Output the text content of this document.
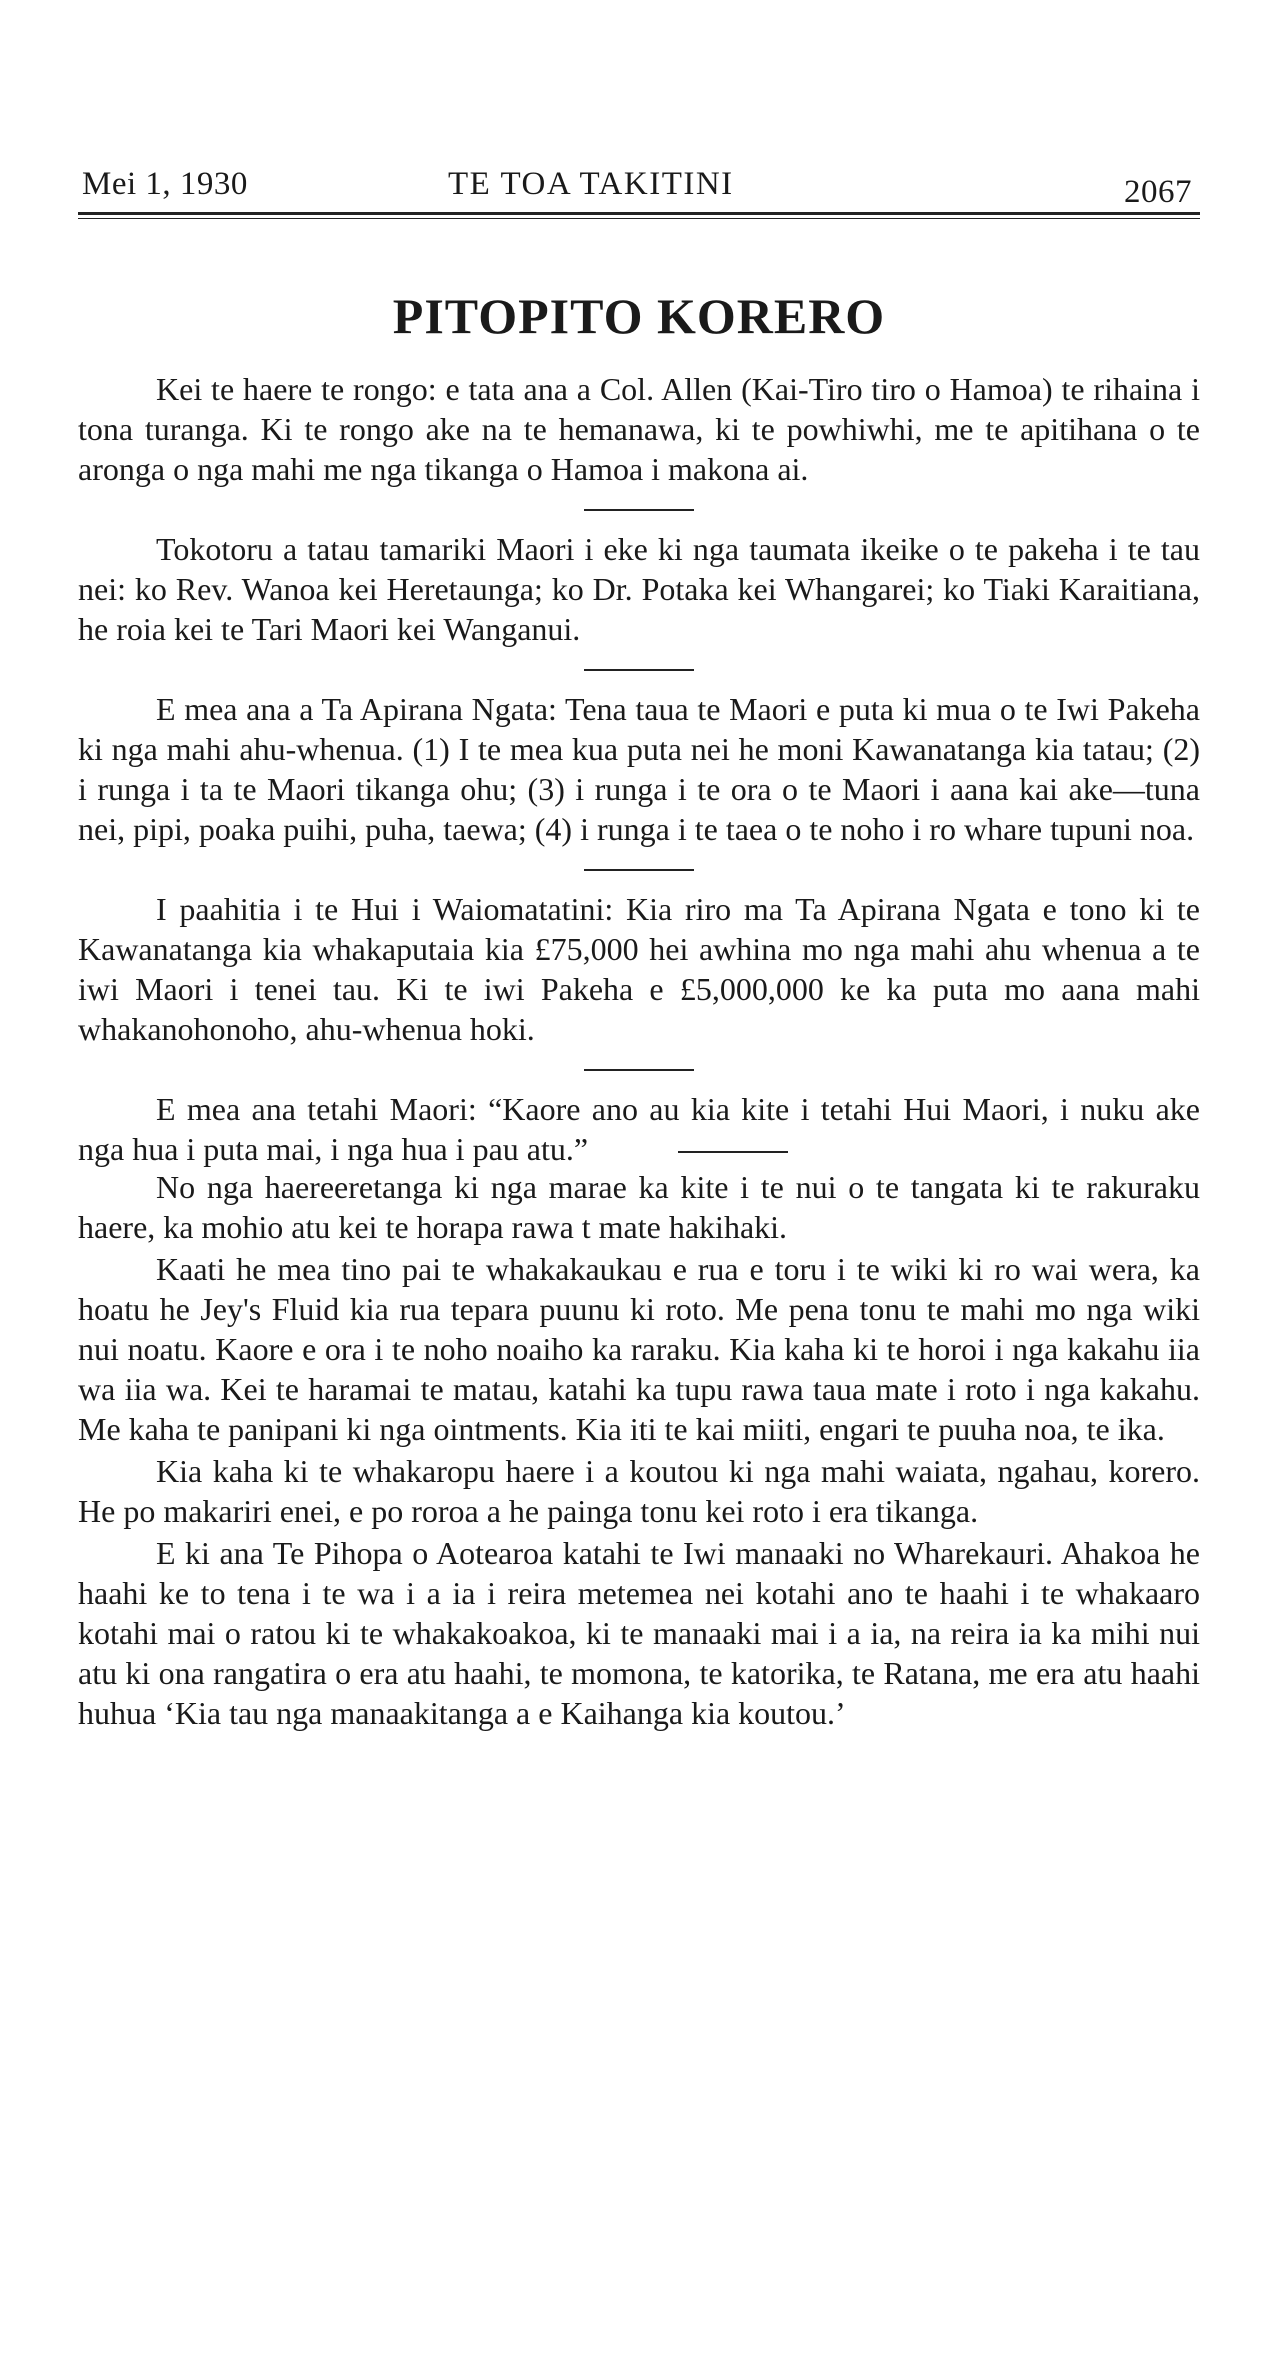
Mei 1, 1930	TE TOA TAKITINI	2067
PITOPITO KORERO

Kei te haere te rongo: e tata ana a Col. Allen (Kai-Tiro tiro o Hamoa) te rihaina i tona turanga. Ki te rongo ake na te hemanawa, ki te powhiwhi, me te apitihana o te aronga o nga mahi me nga tikanga o Hamoa i makona ai.

Tokotoru a tatau tamariki Maori i eke ki nga taumata ikeike o te pakeha i te tau nei: ko Rev. Wanoa kei Heretaunga; ko Dr. Potaka kei Whangarei; ko Tiaki Karaitiana, he roia kei te Tari Maori kei Wanganui.

E mea ana a Ta Apirana Ngata: Tena taua te Maori e puta ki mua o te Iwi Pakeha ki nga mahi ahu-whenua. (1) I te mea kua puta nei he moni Kawanatanga kia tatau; (2) i runga i ta te Maori tikanga ohu; (3) i runga i te ora o te Maori i aana kai ake—tuna nei, pipi, poaka puihi, puha, taewa; (4) i runga i te taea o te noho i ro whare tupuni noa.

I paahitia i te Hui i Waiomatatini: Kia riro ma Ta Apirana Ngata e tono ki te Kawanatanga kia whakaputaia kia £75,000 hei awhina mo nga mahi ahu whenua a te iwi Maori i tenei tau. Ki te iwi Pakeha e £5,000,000 ke ka puta mo aana mahi whakanohonoho, ahu-whenua hoki.

E mea ana tetahi Maori: “Kaore ano au kia kite i tetahi Hui Maori, i nuku ake nga hua i puta mai, i nga hua i pau atu.”

No nga haereeretanga ki nga marae ka kite i te nui o te tangata ki te rakuraku haere, ka mohio atu kei te horapa rawa t mate hakihaki.

Kaati he mea tino pai te whakakaukau e rua e toru i te wiki ki ro wai wera, ka hoatu he Jey's Fluid kia rua tepara puunu ki roto. Me pena tonu te mahi mo nga wiki nui noatu. Kaore e ora i te noho noaiho ka raraku. Kia kaha ki te horoi i nga kakahu iia wa iia wa. Kei te haramai te matau, katahi ka tupu rawa taua mate i roto i nga kakahu. Me kaha te panipani ki nga ointments. Kia iti te kai miiti, engari te puuha noa, te ika.

Kia kaha ki te whakaropu haere i a koutou ki nga mahi waiata, ngahau, korero. He po makariri enei, e po roroa a he painga tonu kei roto i era tikanga.

E ki ana Te Pihopa o Aotearoa katahi te Iwi manaaki no Wharekauri. Ahakoa he haahi ke to tena i te wa i a ia i reira metemea nei kotahi ano te haahi i te whakaaro kotahi mai o ratou ki te whakakoakoa, ki te manaaki mai i a ia, na reira ia ka mihi nui atu ki ona rangatira o era atu haahi, te momona, te katorika, te Ratana, me era atu haahi huhua ‘Kia tau nga manaakitanga a e Kaihanga kia koutou.’
